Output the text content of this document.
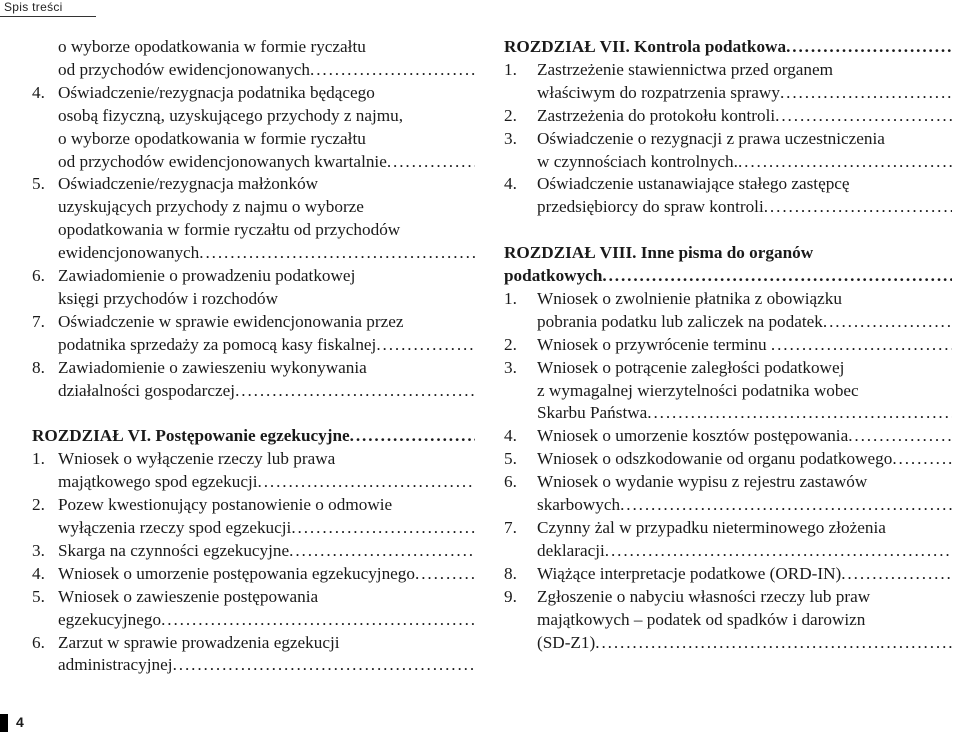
Spis treści
o wyborze opodatkowania w formie ryczałtu
od przychodów ewidencjonowanych . . .
4. Oświadczenie/rezygnacja podatnika będącego
osobą fizyczną, uzyskującego przychody z najmu,
o wyborze opodatkowania w formie ryczałtu
od przychodów ewidencjonowanych kwartalnie . . .
5. Oświadczenie/rezygnacja małżonków
uzyskujących przychody z najmu o wyborze
opodatkowania w formie ryczałtu od przychodów
ewidencjonowanych . . .
6. Zawiadomienie o prowadzeniu podatkowej
księgi przychodów i rozchodów
7. Oświadczenie w sprawie ewidencjonowania przez
podatnika sprzedaży za pomocą kasy fiskalnej . . .
8. Zawiadomienie o zawieszeniu wykonywania
działalności gospodarczej . . .
ROZDZIAŁ VI. Postępowanie egzekucyjne . . .
1. Wniosek o wyłączenie rzeczy lub prawa
majątkowego spod egzekucji . . .
2. Pozew kwestionujący postanowienie o odmowie
wyłączenia rzeczy spod egzekucji . . .
3. Skarga na czynności egzekucyjne . . .
4. Wniosek o umorzenie postępowania egzekucyjnego . . .
5. Wniosek o zawieszenie postępowania
egzekucyjnego . . .
6. Zarzut w sprawie prowadzenia egzekucji
administracyjnej . . .
ROZDZIAŁ VII. Kontrola podatkowa . . .
1.	Zastrzeżenie stawiennictwa przed organem
właściwym do rozpatrzenia sprawy . . .
2.	Zastrzeżenia do protokołu kontroli . . .
3.	Oświadczenie o rezygnacji z prawa uczestniczenia
w czynnościach kontrolnych. . . .
4.	Oświadczenie ustanawiające stałego zastępcę
przedsiębiorcy do spraw kontroli . . .
ROZDZIAŁ VIII. Inne pisma do organów
podatkowych . . .
1.	Wniosek o zwolnienie płatnika z obowiązku
pobrania podatku lub zaliczek na podatek . . .
2.	Wniosek o przywrócenie terminu . . .
3.	Wniosek o potrącenie zaległości podatkowej
z wymagalnej wierzytelności podatnika wobec
Skarbu Państwa . . .
4.	Wniosek o umorzenie kosztów postępowania . . .
5.	Wniosek o odszkodowanie od organu podatkowego . . .
6.	Wniosek o wydanie wypisu z rejestru zastawów
skarbowych . . .
7.	Czynny żal w przypadku nieterminowego złożenia
deklaracji . . .
8.	Wiążące interpretacje podatkowe (ORD-IN) . . .
9.	Zgłoszenie o nabyciu własności rzeczy lub praw
majątkowych – podatek od spadków i darowizn
(SD-Z1) . . .
4
